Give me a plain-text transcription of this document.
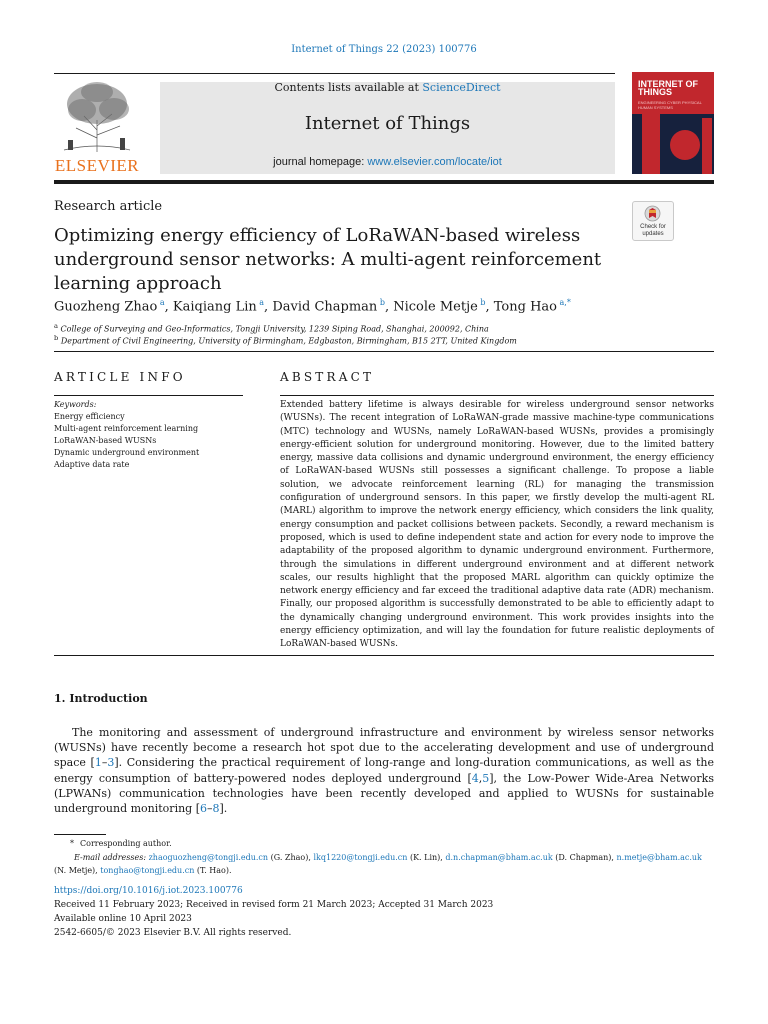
Internet of Things 22 (2023) 100776
ELSEVIER
Contents lists available at ScienceDirect
Internet of Things
journal homepage: www.elsevier.com/locate/iot
INTERNET OF THINGS
ENGINEERING CYBER PHYSICAL HUMAN SYSTEMS
Research article
Check for updates
Optimizing energy efficiency of LoRaWAN-based wireless underground sensor networks: A multi-agent reinforcement learning approach
Guozheng Zhao $^a$, Kaiqiang Lin $^a$, David Chapman $^b$, Nicole Metje $^b$, Tong Hao $^{a,*}$
$^a$ College of Surveying and Geo-Informatics, Tongji University, 1239 Siping Road, Shanghai, 200092, China
$^b$ Department of Civil Engineering, University of Birmingham, Edgbaston, Birmingham, B15 2TT, United Kingdom
ARTICLE INFO
Keywords:
Energy efficiency
Multi-agent reinforcement learning
LoRaWAN-based WUSNs
Dynamic underground environment
Adaptive data rate
ABSTRACT
Extended battery lifetime is always desirable for wireless underground sensor networks (WUSNs). The recent integration of LoRaWAN-grade massive machine-type communications (MTC) technology and WUSNs, namely LoRaWAN-based WUSNs, provides a promisingly energy-efficient solution for underground monitoring. However, due to the limited battery energy, massive data collisions and dynamic underground environment, the energy efficiency of LoRaWAN-based WUSNs still possesses a significant challenge. To propose a liable solution, we advocate reinforcement learning (RL) for managing the transmission configuration of underground sensors. In this paper, we firstly develop the multi-agent RL (MARL) algorithm to improve the network energy efficiency, which considers the link quality, energy consumption and packet collisions between packets. Secondly, a reward mechanism is proposed, which is used to define independent state and action for every node to improve the adaptability of the proposed algorithm to dynamic underground environment. Furthermore, through the simulations in different underground environment and at different network scales, our results highlight that the proposed MARL algorithm can quickly optimize the network energy efficiency and far exceed the traditional adaptive data rate (ADR) mechanism. Finally, our proposed algorithm is successfully demonstrated to be able to efficiently adapt to the dynamically changing underground environment. This work provides insights into the energy efficiency optimization, and will lay the foundation for future realistic deployments of LoRaWAN-based WUSNs.
1. Introduction
The monitoring and assessment of underground infrastructure and environment by wireless sensor networks (WUSNs) have recently become a research hot spot due to the accelerating development and use of underground space [1–3]. Considering the practical requirement of long-range and long-duration communications, as well as the energy consumption of battery-powered nodes deployed underground [4,5], the Low-Power Wide-Area Networks (LPWANs) communication technologies have been recently developed and applied to WUSNs for sustainable underground monitoring [6–8].
* Corresponding author.
E-mail addresses: zhaoguozheng@tongji.edu.cn (G. Zhao), lkq1220@tongji.edu.cn (K. Lin), d.n.chapman@bham.ac.uk (D. Chapman), n.metje@bham.ac.uk (N. Metje), tonghao@tongji.edu.cn (T. Hao).
https://doi.org/10.1016/j.iot.2023.100776
Received 11 February 2023; Received in revised form 21 March 2023; Accepted 31 March 2023
Available online 10 April 2023
2542-6605/© 2023 Elsevier B.V. All rights reserved.
